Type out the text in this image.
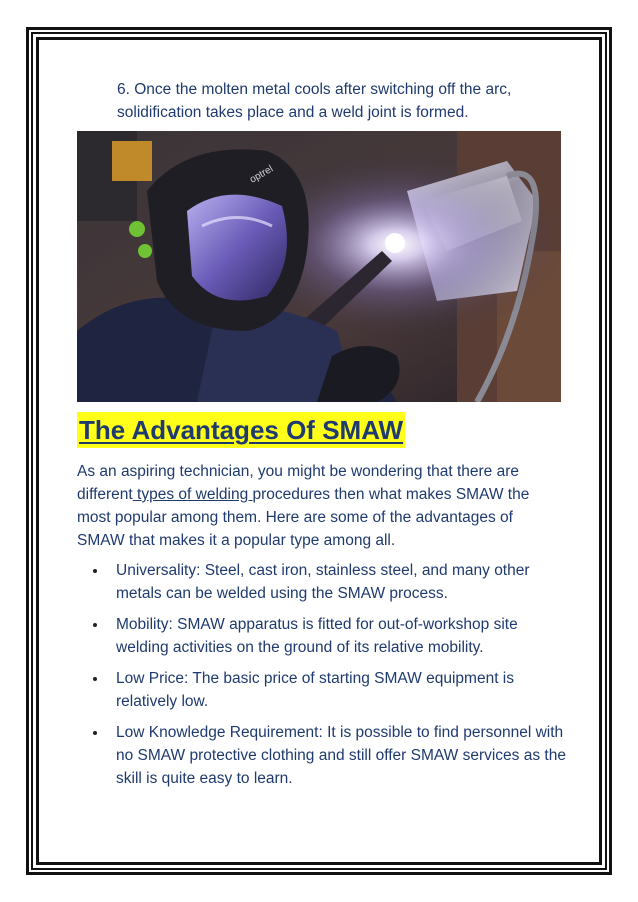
6. Once the molten metal cools after switching off the arc, solidification takes place and a weld joint is formed.
optrel
The Advantages Of SMAW
As an aspiring technician, you might be wondering that there are different types of welding procedures then what makes SMAW the most popular among them. Here are some of the advantages of SMAW that makes it a popular type among all.
Universality: Steel, cast iron, stainless steel, and many other metals can be welded using the SMAW process.
Mobility: SMAW apparatus is fitted for out-of-workshop site welding activities on the ground of its relative mobility.
Low Price: The basic price of starting SMAW equipment is relatively low.
Low Knowledge Requirement: It is possible to find personnel with no SMAW protective clothing and still offer SMAW services as the skill is quite easy to learn.
